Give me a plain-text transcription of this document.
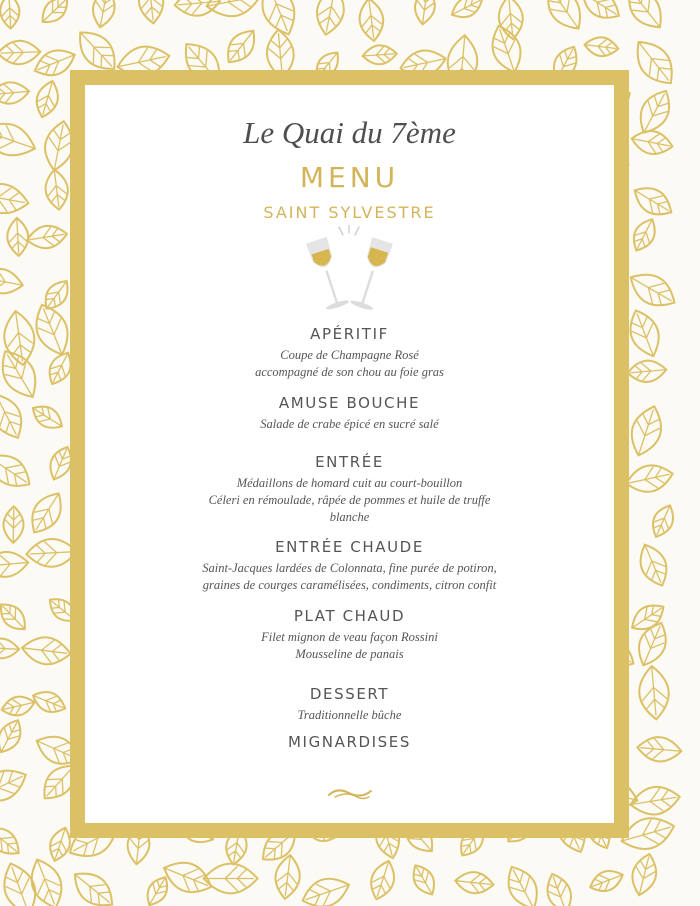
Le Quai du 7ème
MENU
SAINT SYLVESTRE
APÉRITIF
Coupe de Champagne Rosé
accompagné de son chou au foie gras
AMUSE BOUCHE
Salade de crabe épicé en sucré salé
ENTRÉE
Médaillons de homard cuit au court-bouillon
Céleri en rémoulade, râpée de pommes et huile de truffe
blanche
ENTRÉE CHAUDE
Saint-Jacques lardées de Colonnata, fine purée de potiron,
graines de courges caramélisées, condiments, citron confit
PLAT CHAUD
Filet mignon de veau façon Rossini
Mousseline de panais
DESSERT
Traditionnelle bûche
MIGNARDISES
